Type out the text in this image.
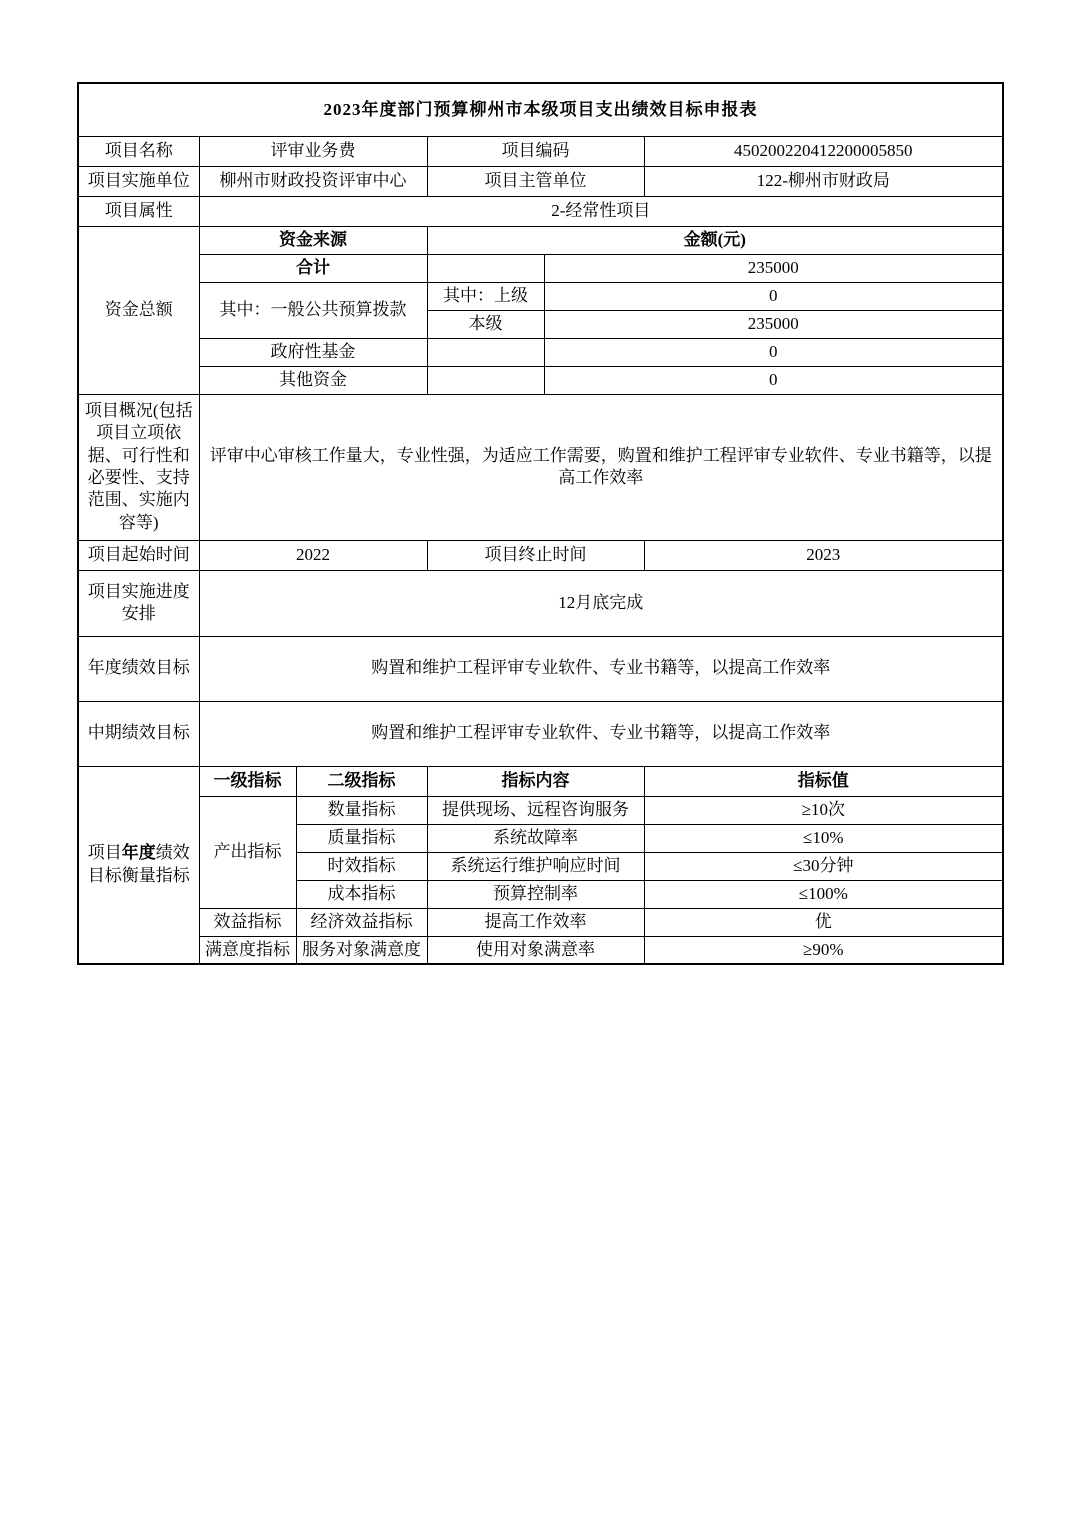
2023年度部门预算柳州市本级项目支出绩效目标申报表					
项目名称	评审业务费		项目编码		450200220412200005850
项目实施单位	柳州市财政投资评审中心		项目主管单位		122-柳州市财政局
项目属性	2-经常性项目				
资金总额	资金来源		金额(元)		
	合计			235000	
	其中：一般公共预算拨款		其中：上级	0	
			本级	235000	
	政府性基金			0	
	其他资金			0	
项目概况(包括项目立项依据、可行性和必要性、支持范围、实施内容等)	评审中心审核工作量大，专业性强，为适应工作需要，购置和维护工程评审专业软件、专业书籍等，以提高工作效率				
项目起始时间	2022		项目终止时间		2023
项目实施进度安排	12月底完成				
年度绩效目标	购置和维护工程评审专业软件、专业书籍等，以提高工作效率				
中期绩效目标	购置和维护工程评审专业软件、专业书籍等，以提高工作效率				
项目年度绩效目标衡量指标	一级指标	二级指标	指标内容		指标值
	产出指标	数量指标	提供现场、远程咨询服务		≥10次
		质量指标	系统故障率		≤10%
		时效指标	系统运行维护响应时间		≤30分钟
		成本指标	预算控制率		≤100%
	效益指标	经济效益指标	提高工作效率		优
	满意度指标	服务对象满意度	使用对象满意率		≥90%
